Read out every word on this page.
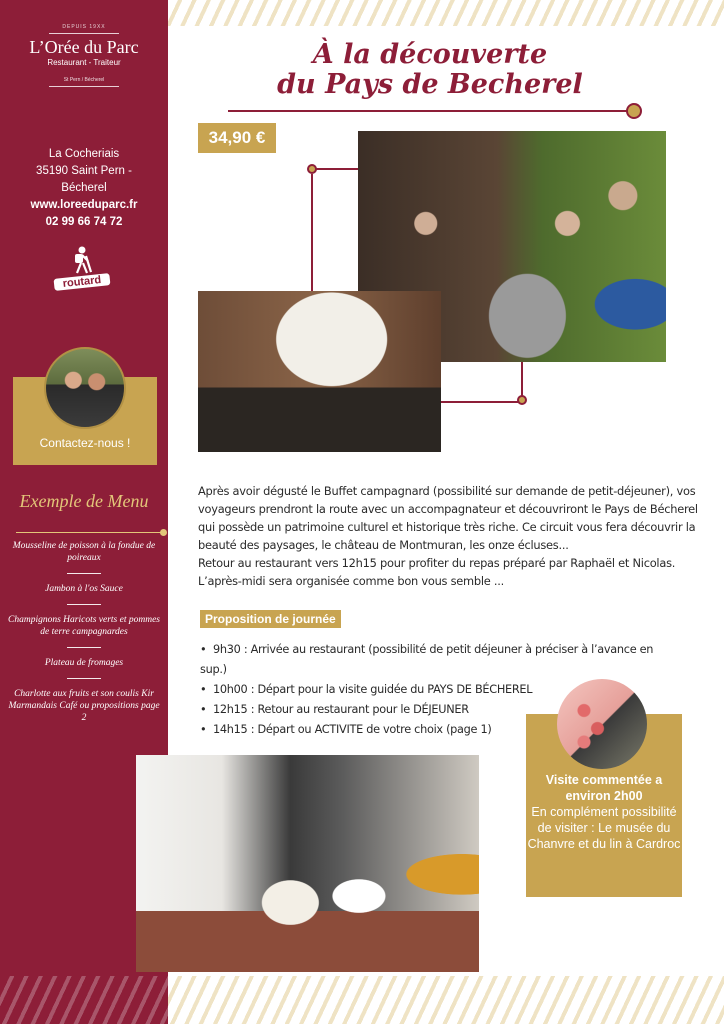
DEPUIS 19XX
L’Orée du Parc
Restaurant - Traiteur
St Pern / Bécherel
La Cocheriais
35190 Saint Pern -
Bécherel
www.loreeduparc.fr
02 99 66 74 72
routard
Contactez-nous !
Exemple de Menu
Mousseline de poisson à la fondue de poireaux
Jambon à l'os Sauce
Champignons Haricots verts et pommes de terre campagnardes
Plateau de fromages
Charlotte aux fruits et son coulis Kir Marmandais Café ou propositions page 2
À la découverte
du Pays de Becherel
34,90 €

Après avoir dégusté le Buffet campagnard (possibilité sur demande de petit-déjeuner), vos voyageurs prendront la route avec un accompagnateur et découvriront le Pays de Bécherel qui possède un patrimoine culturel et historique très riche. Ce circuit vous fera découvrir la beauté des paysages, le château de Montmuran, les onze écluses...

Retour au restaurant vers 12h15 pour profiter du repas préparé par Raphaël et Nicolas.

L’après-midi sera organisée comme bon vous semble ...

Proposition de journée
• 9h30 : Arrivée au restaurant (possibilité de petit déjeuner à préciser à l’avance en sup.)
• 10h00 : Départ pour la visite guidée du PAYS DE BÉCHEREL
• 12h15 : Retour au restaurant pour le DÉJEUNER
• 14h15 : Départ ou ACTIVITE de votre choix (page 1)
Visite commentée a environ 2h00
En complément possibilité de visiter : Le musée du Chanvre et du lin à Cardroc
